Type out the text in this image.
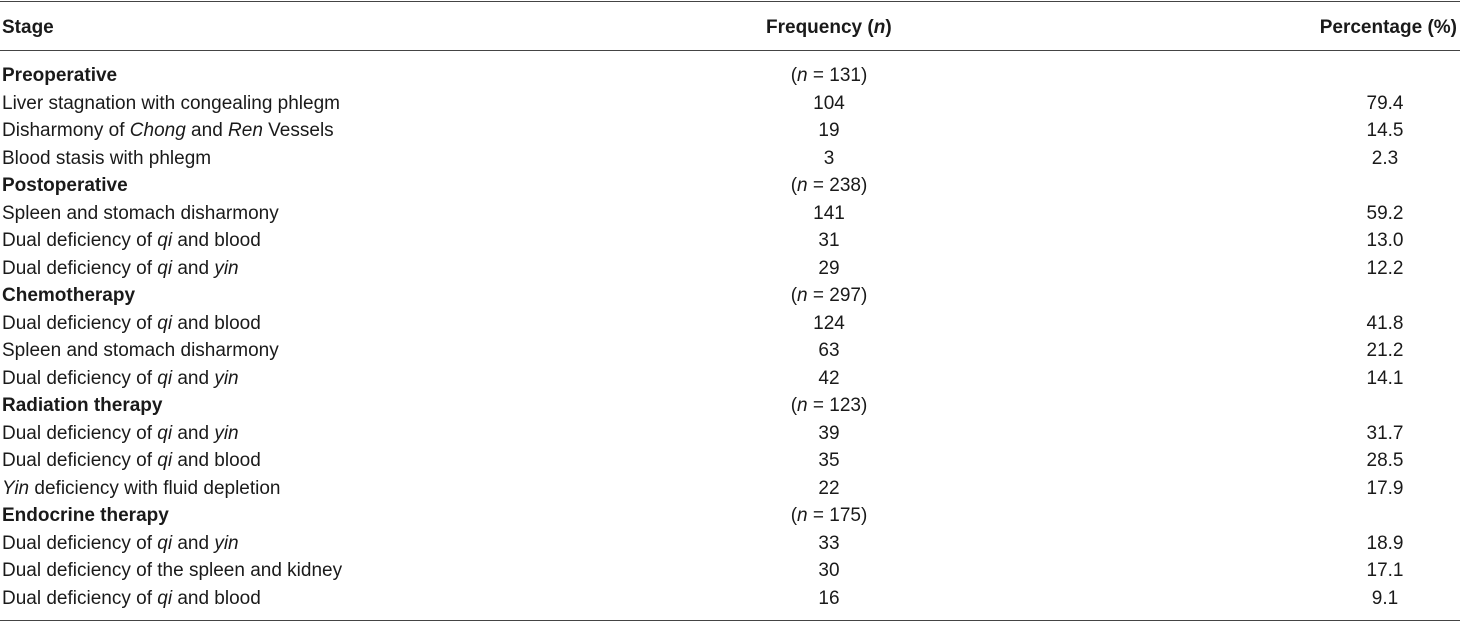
Stage	Frequency (n)	Percentage (%)
Preoperative	(n = 131)
Liver stagnation with congealing phlegm	104	79.4
Disharmony of Chong and Ren Vessels	19	14.5
Blood stasis with phlegm	3	2.3
Postoperative	(n = 238)
Spleen and stomach disharmony	141	59.2
Dual deficiency of qi and blood	31	13.0
Dual deficiency of qi and yin	29	12.2
Chemotherapy	(n = 297)
Dual deficiency of qi and blood	124	41.8
Spleen and stomach disharmony	63	21.2
Dual deficiency of qi and yin	42	14.1
Radiation therapy	(n = 123)
Dual deficiency of qi and yin	39	31.7
Dual deficiency of qi and blood	35	28.5
Yin deficiency with fluid depletion	22	17.9
Endocrine therapy	(n = 175)
Dual deficiency of qi and yin	33	18.9
Dual deficiency of the spleen and kidney	30	17.1
Dual deficiency of qi and blood	16	9.1
